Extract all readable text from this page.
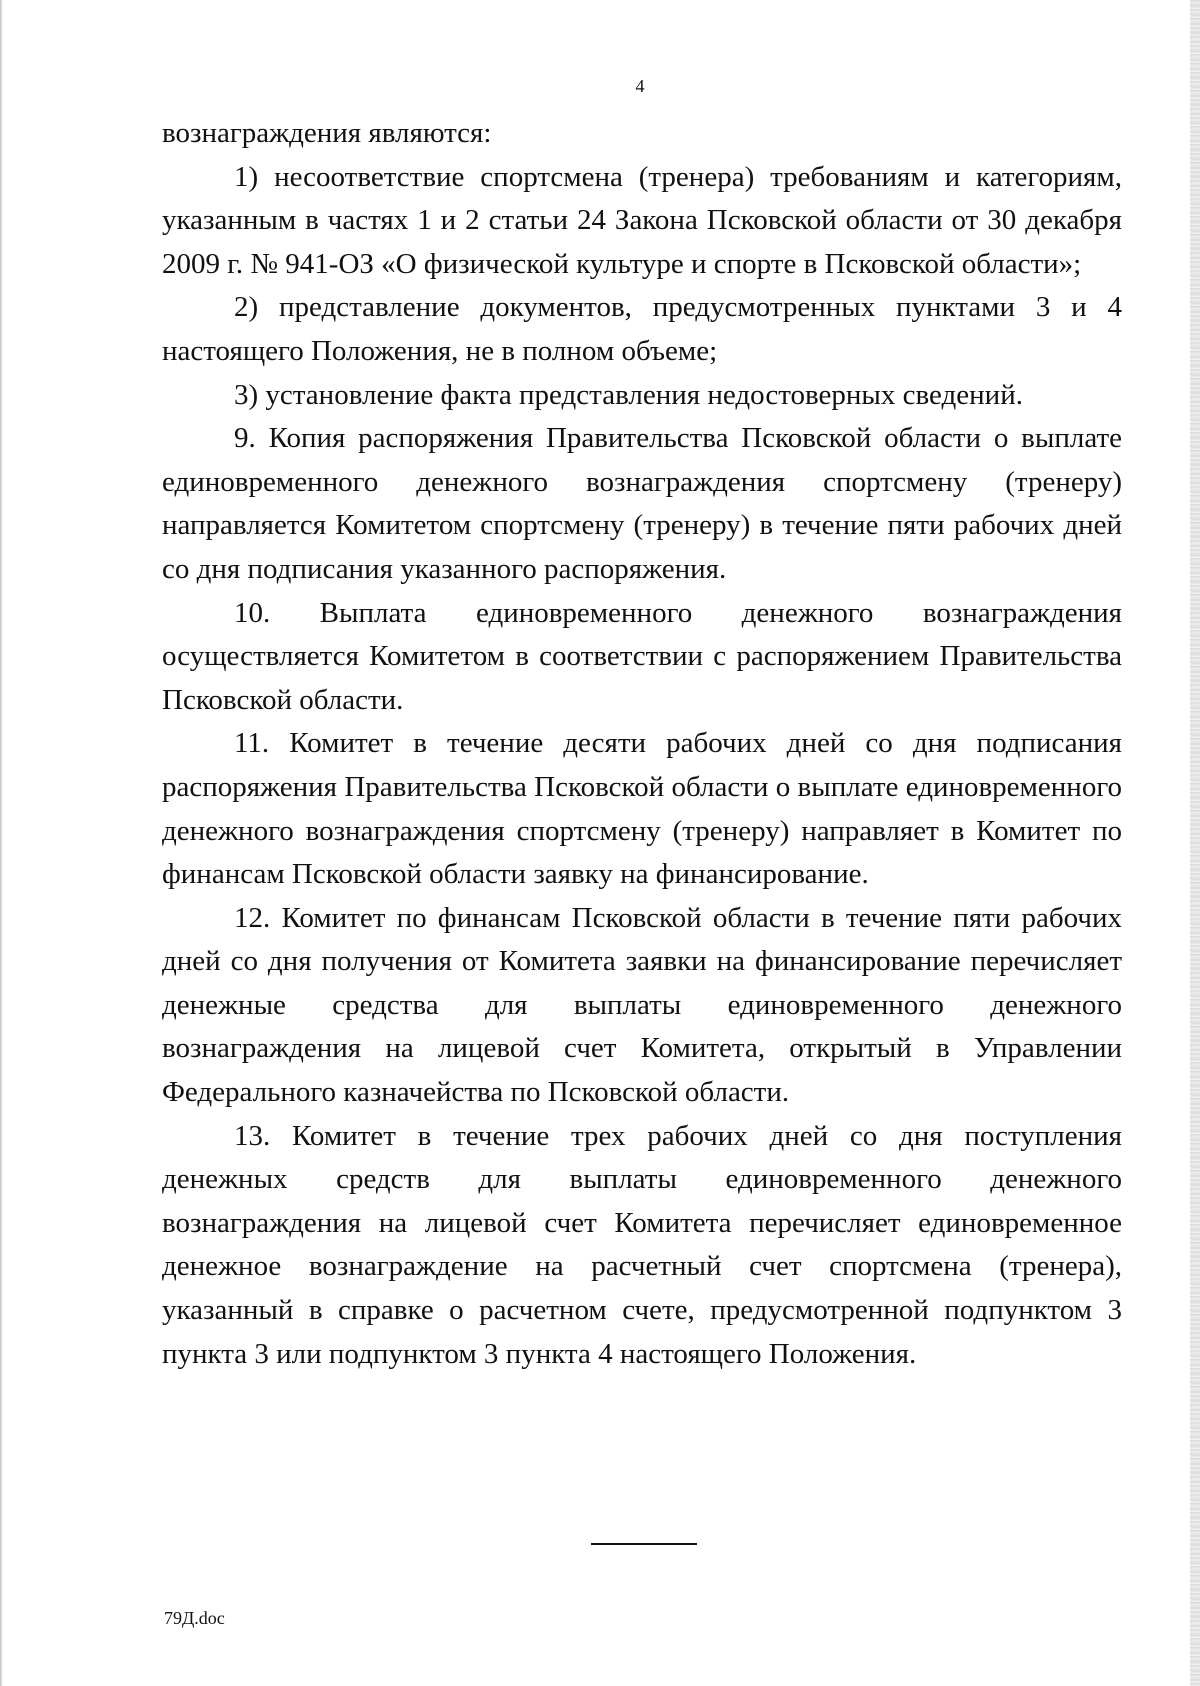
4

вознаграждения являются:

1) несоответствие спортсмена (тренера) требованиям и категориям, указанным в частях 1 и 2 статьи 24 Закона Псковской области от 30 декабря 2009 г. № 941-ОЗ «О физической культуре и спорте в Псковской области»;

2) представление документов, предусмотренных пунктами 3 и 4 настоящего Положения, не в полном объеме;

3) установление факта представления недостоверных сведений.

9. Копия распоряжения Правительства Псковской области о выплате единовременного денежного вознаграждения спортсмену (тренеру) направляется Комитетом спортсмену (тренеру) в течение пяти рабочих дней со дня подписания указанного распоряжения.

10. Выплата единовременного денежного вознаграждения осуществляется Комитетом в соответствии с распоряжением Правительства Псковской области.

11. Комитет в течение десяти рабочих дней со дня подписания распоряжения Правительства Псковской области о выплате единовременного денежного вознаграждения спортсмену (тренеру) направляет в Комитет по финансам Псковской области заявку на финансирование.

12. Комитет по финансам Псковской области в течение пяти рабочих дней со дня получения от Комитета заявки на финансирование перечисляет денежные средства для выплаты единовременного денежного вознаграждения на лицевой счет Комитета, открытый в Управлении Федерального казначейства по Псковской области.

13. Комитет в течение трех рабочих дней со дня поступления денежных средств для выплаты единовременного денежного вознаграждения на лицевой счет Комитета перечисляет единовременное денежное вознаграждение на расчетный счет спортсмена (тренера), указанный в справке о расчетном счете, предусмотренной подпунктом 3 пункта 3 или подпунктом 3 пункта 4 настоящего Положения.

79Д.doc
